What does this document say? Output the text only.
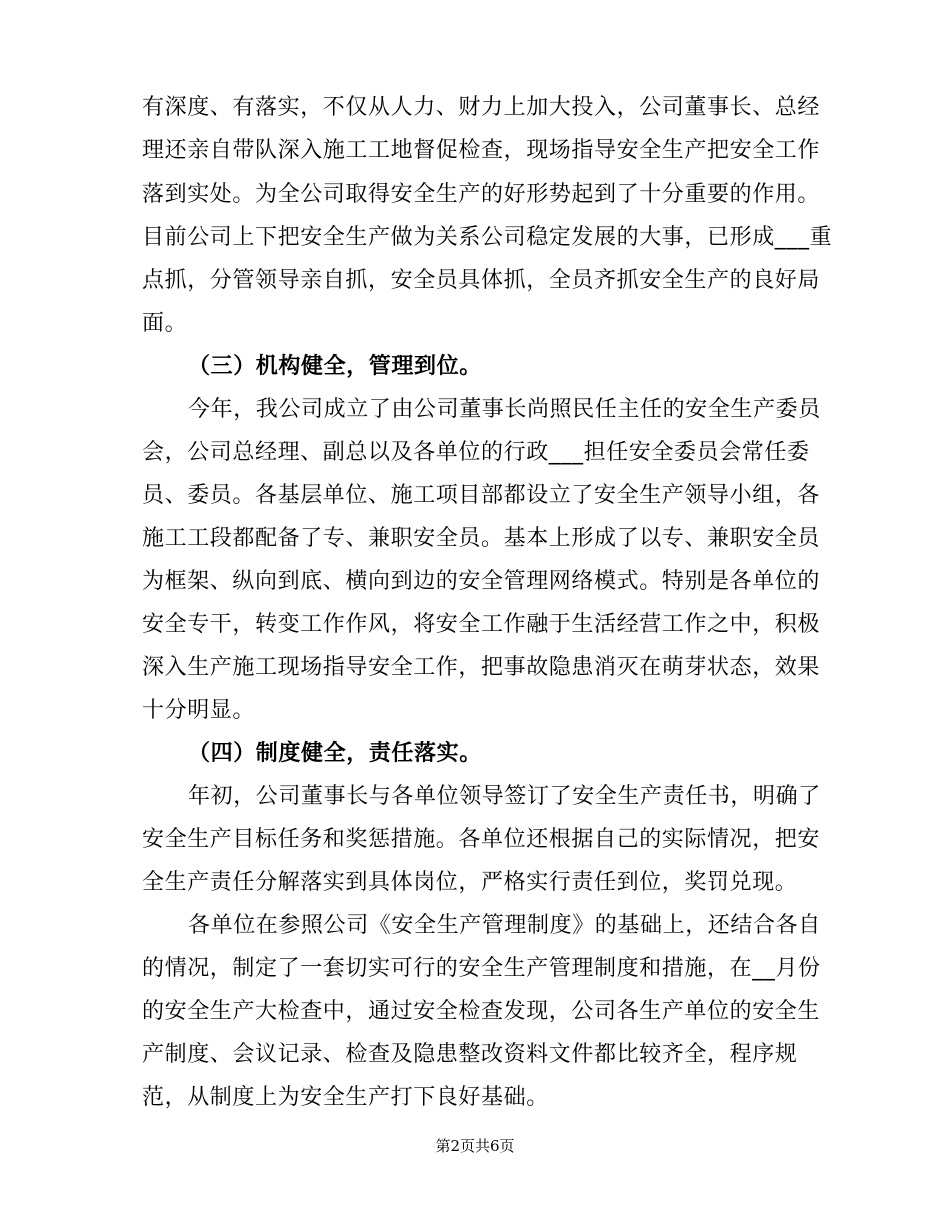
有深度、有落实，不仅从人力、财力上加大投入，公司董事长、总经
理还亲自带队深入施工工地督促检查，现场指导安全生产把安全工作
落到实处。为全公司取得安全生产的好形势起到了十分重要的作用。
目前公司上下把安全生产做为关系公司稳定发展的大事，已形成___重
点抓，分管领导亲自抓，安全员具体抓，全员齐抓安全生产的良好局
面。
（三）机构健全，管理到位。
今年，我公司成立了由公司董事长尚照民任主任的安全生产委员
会，公司总经理、副总以及各单位的行政___担任安全委员会常任委
员、委员。各基层单位、施工项目部都设立了安全生产领导小组，各
施工工段都配备了专、兼职安全员。基本上形成了以专、兼职安全员
为框架、纵向到底、横向到边的安全管理网络模式。特别是各单位的
安全专干，转变工作作风，将安全工作融于生活经营工作之中，积极
深入生产施工现场指导安全工作，把事故隐患消灭在萌芽状态，效果
十分明显。
（四）制度健全，责任落实。
年初，公司董事长与各单位领导签订了安全生产责任书，明确了
安全生产目标任务和奖惩措施。各单位还根据自己的实际情况，把安
全生产责任分解落实到具体岗位，严格实行责任到位，奖罚兑现。
各单位在参照公司《安全生产管理制度》的基础上，还结合各自
的情况，制定了一套切实可行的安全生产管理制度和措施，在__月份
的安全生产大检查中，通过安全检查发现，公司各生产单位的安全生
产制度、会议记录、检查及隐患整改资料文件都比较齐全，程序规
范，从制度上为安全生产打下良好基础。
第2页共6页
